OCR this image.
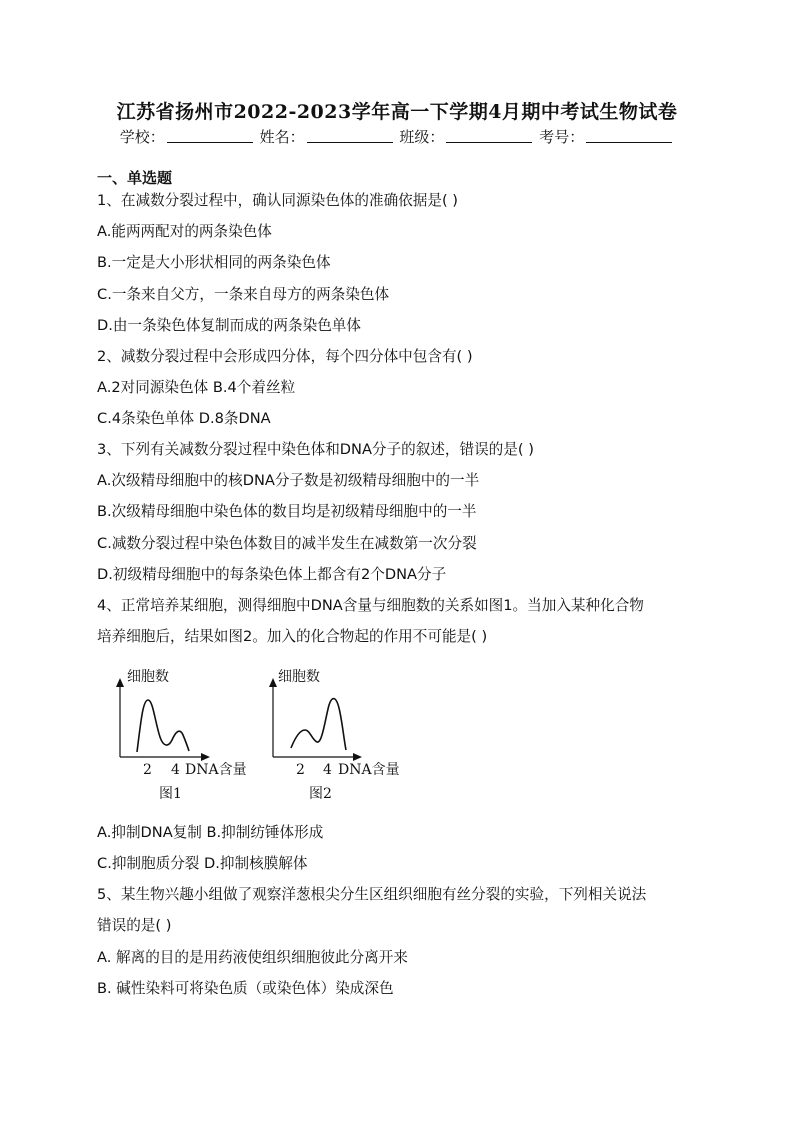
江苏省扬州市2022-2023学年高一下学期4月期中考试生物试卷
学校：	姓名：	班级：	考号：
一、单选题
1、在减数分裂过程中，确认同源染色体的准确依据是( )
A.能两两配对的两条染色体
B.一定是大小形状相同的两条染色体
C.一条来自父方，一条来自母方的两条染色体
D.由一条染色体复制而成的两条染色单体
2、减数分裂过程中会形成四分体，每个四分体中包含有( )
A.2对同源染色体 B.4个着丝粒
C.4条染色单体 D.8条DNA
3、下列有关减数分裂过程中染色体和DNA分子的叙述，错误的是( )
A.次级精母细胞中的核DNA分子数是初级精母细胞中的一半
B.次级精母细胞中染色体的数目均是初级精母细胞中的一半
C.减数分裂过程中染色体数目的减半发生在减数第一次分裂
D.初级精母细胞中的每条染色体上都含有2个DNA分子
4、正常培养某细胞，测得细胞中DNA含量与细胞数的关系如图1。当加入某种化合物
培养细胞后，结果如图2。加入的化合物起的作用不可能是( )
细胞数
2 4 DNA含量
图1
细胞数
2 4 DNA含量
图2
A.抑制DNA复制 B.抑制纺锤体形成
C.抑制胞质分裂 D.抑制核膜解体
5、某生物兴趣小组做了观察洋葱根尖分生区组织细胞有丝分裂的实验，下列相关说法
错误的是( )
A. 解离的目的是用药液使组织细胞彼此分离开来
B. 碱性染料可将染色质（或染色体）染成深色
